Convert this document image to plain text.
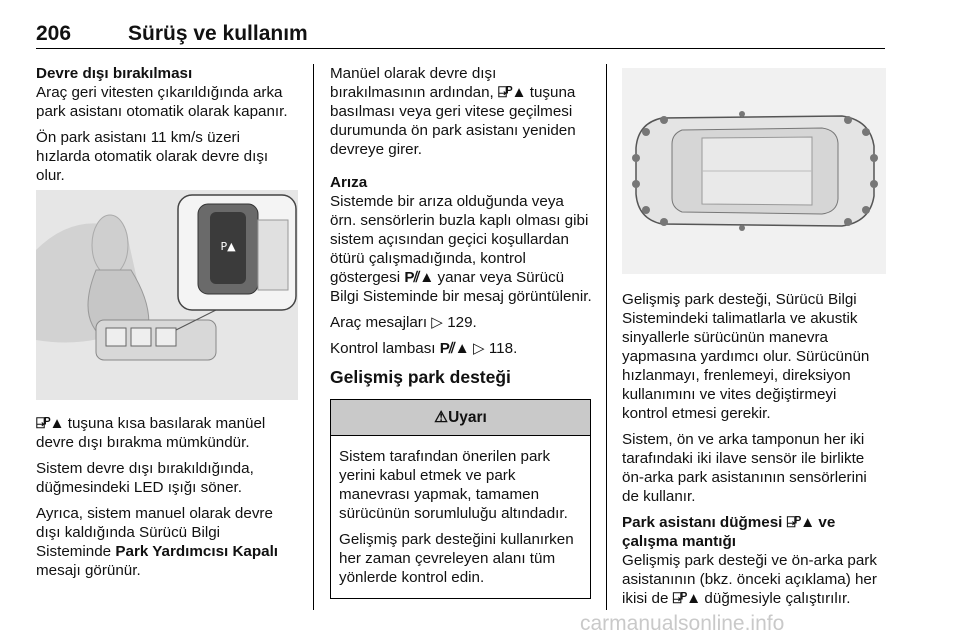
206	Sürüş ve kullanım

Devre dışı bırakılması

Araç geri vitesten çıkarıldığında arka park asistanı otomatik olarak kapanır.

Ön park asistanı 11 km/s üzeri hızlarda otomatik olarak devre dışı olur.

P▲

⍈ᴾ▲ tuşuna kısa basılarak manüel devre dışı bırakma mümkündür.

Sistem devre dışı bırakıldığında, düğmesindeki LED ışığı söner.

Ayrıca, sistem manuel olarak devre dışı kaldığında Sürücü Bilgi Sisteminde Park Yardımcısı Kapalı mesajı görünür.

Manüel olarak devre dışı bırakılmasının ardından, ⍈ᴾ▲ tuşuna basılması veya geri vitese geçilmesi durumunda ön park asistanı yeniden devreye girer.

Arıza

Sistemde bir arıza olduğunda veya örn. sensörlerin buzla kaplı olması gibi sistem açısından geçici koşullardan ötürü çalışmadığında, kontrol göstergesi P⫽▲ yanar veya Sürücü Bilgi Sisteminde bir mesaj görüntülenir.

Araç mesajları ▷ 129.

Kontrol lambası P⫽▲ ▷ 118.

Gelişmiş park desteği
⚠Uyarı

Sistem tarafından önerilen park yerini kabul etmek ve park manevrası yapmak, tamamen sürücünün sorumluluğu altındadır.

Gelişmiş park desteğini kullanırken her zaman çevreleyen alanı tüm yönlerde kontrol edin.

Gelişmiş park desteği, Sürücü Bilgi Sistemindeki talimatlarla ve akustik sinyallerle sürücünün manevra yapmasına yardımcı olur. Sürücünün hızlanmayı, frenlemeyi, direksiyon kullanımını ve vites değiştirmeyi kontrol etmesi gerekir.

Sistem, ön ve arka tamponun her iki tarafındaki iki ilave sensör ile birlikte ön-arka park asistanının sensörlerini de kullanır.

Park asistanı düğmesi ⍈ᴾ▲ ve çalışma mantığı

Gelişmiş park desteği ve ön-arka park asistanının (bkz. önceki açıklama) her ikisi de ⍈ᴾ▲ düğmesiyle çalıştırılır.

carmanualsonline.info
